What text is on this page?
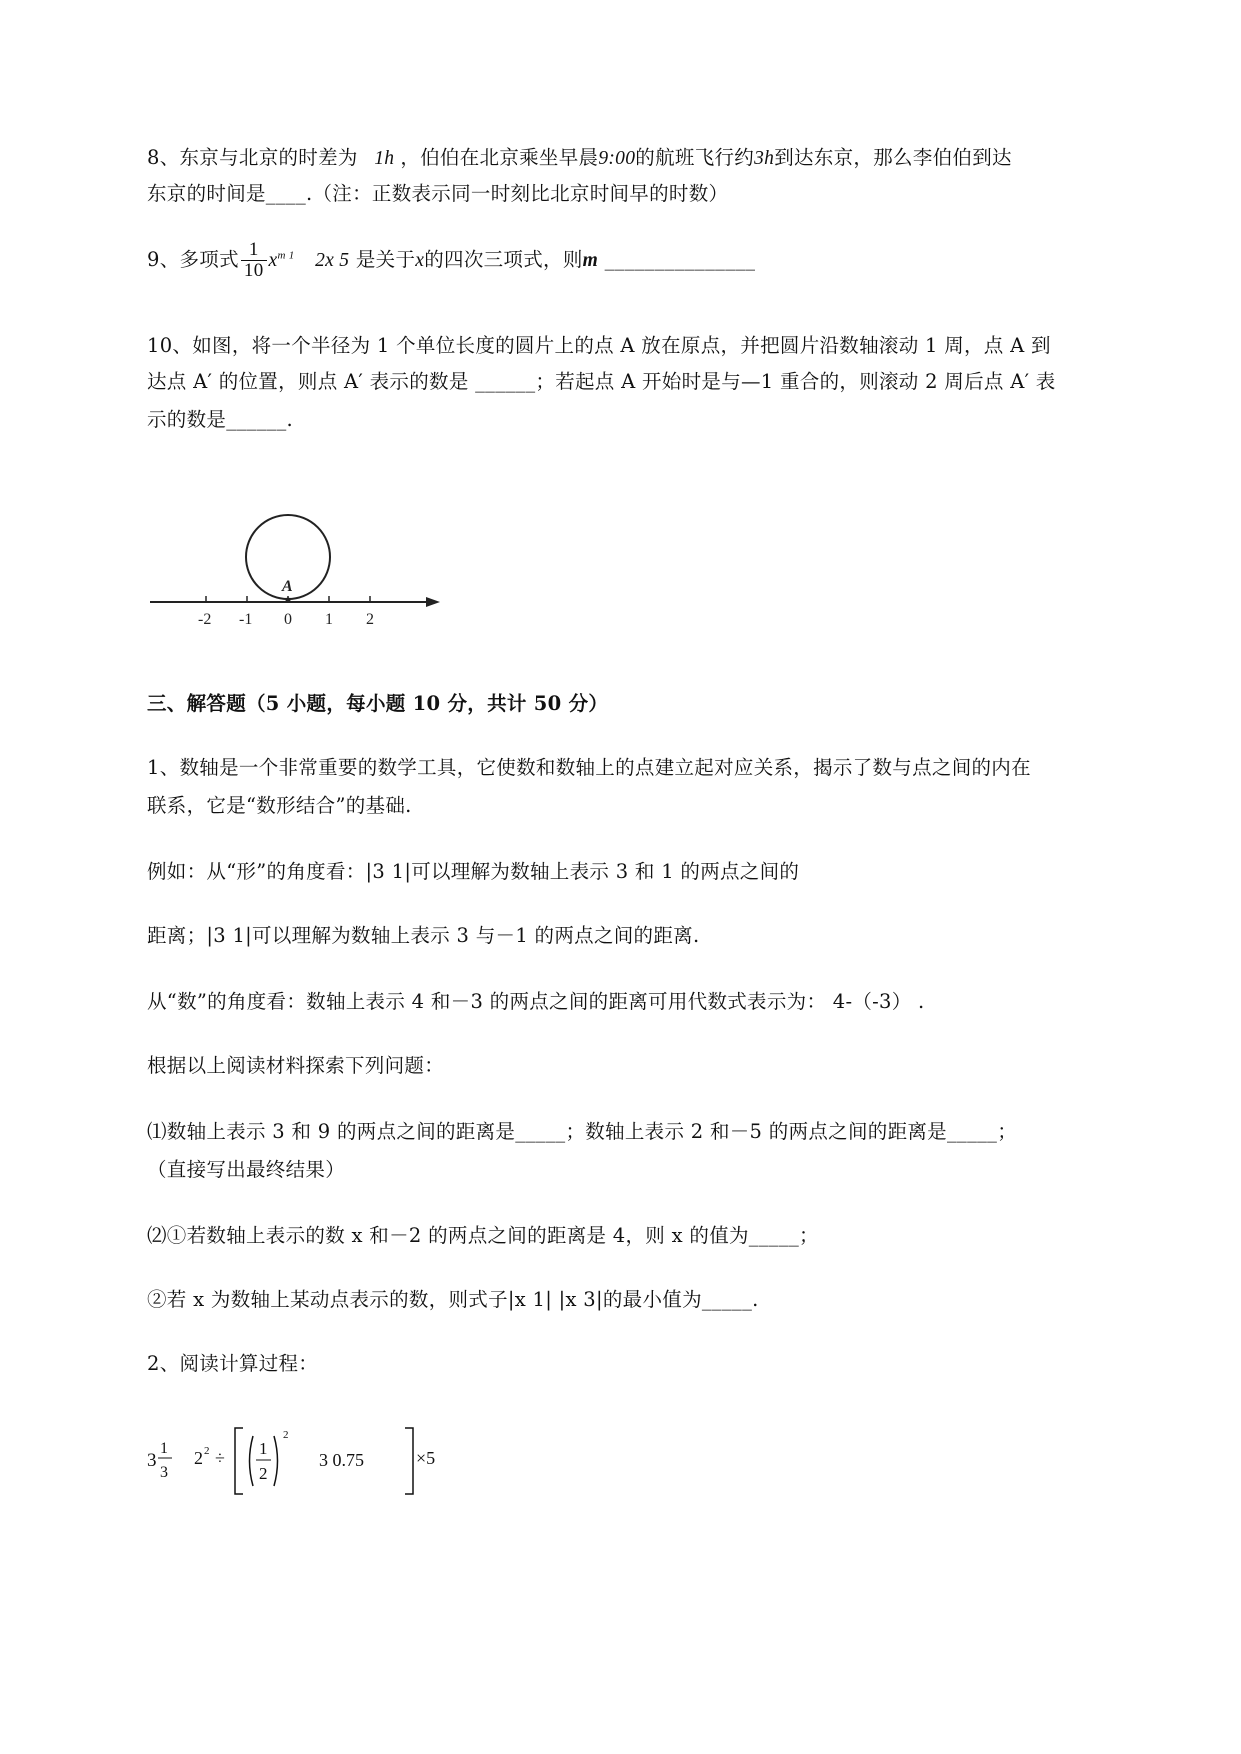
8、东京与北京的时差为 1h ，伯伯在北京乘坐早晨9:00的航班飞行约3h到达东京，那么李伯伯到达
东京的时间是____.（注：正数表示同一时刻比北京时间早的时数）
9、多项式 $\frac{1}{10} x^{m 1}$ 2x 5 是关于x的四次三项式，则m _______________
10、如图，将一个半径为 1 个单位长度的圆片上的点 A 放在原点，并把圆片沿数轴滚动 1 周，点 A 到
达点 A′ 的位置，则点 A′ 表示的数是 ______；若起点 A 开始时是与—1 重合的，则滚动 2 周后点 A′ 表
示的数是______.
A
-2 -1 0 1 2
三、解答题（5 小题，每小题 10 分，共计 50 分）
1、数轴是一个非常重要的数学工具，它使数和数轴上的点建立起对应关系，揭示了数与点之间的内在
联系，它是“数形结合”的基础.
例如：从“形”的角度看：|3 1|可以理解为数轴上表示 3 和 1 的两点之间的
距离；|3 1|可以理解为数轴上表示 3 与－1 的两点之间的距离.
从“数”的角度看：数轴上表示 4 和－3 的两点之间的距离可用代数式表示为： 4-（-3） .
根据以上阅读材料探索下列问题：
⑴数轴上表示 3 和 9 的两点之间的距离是_____；数轴上表示 2 和－5 的两点之间的距离是_____；
（直接写出最终结果）
⑵①若数轴上表示的数 x 和－2 的两点之间的距离是 4，则 x 的值为_____；
②若 x 为数轴上某动点表示的数，则式子|x 1| |x 3|的最小值为_____.
2、阅读计算过程：
3
1
3
2 2 ÷ 1
2
2
3 0.75	×5
